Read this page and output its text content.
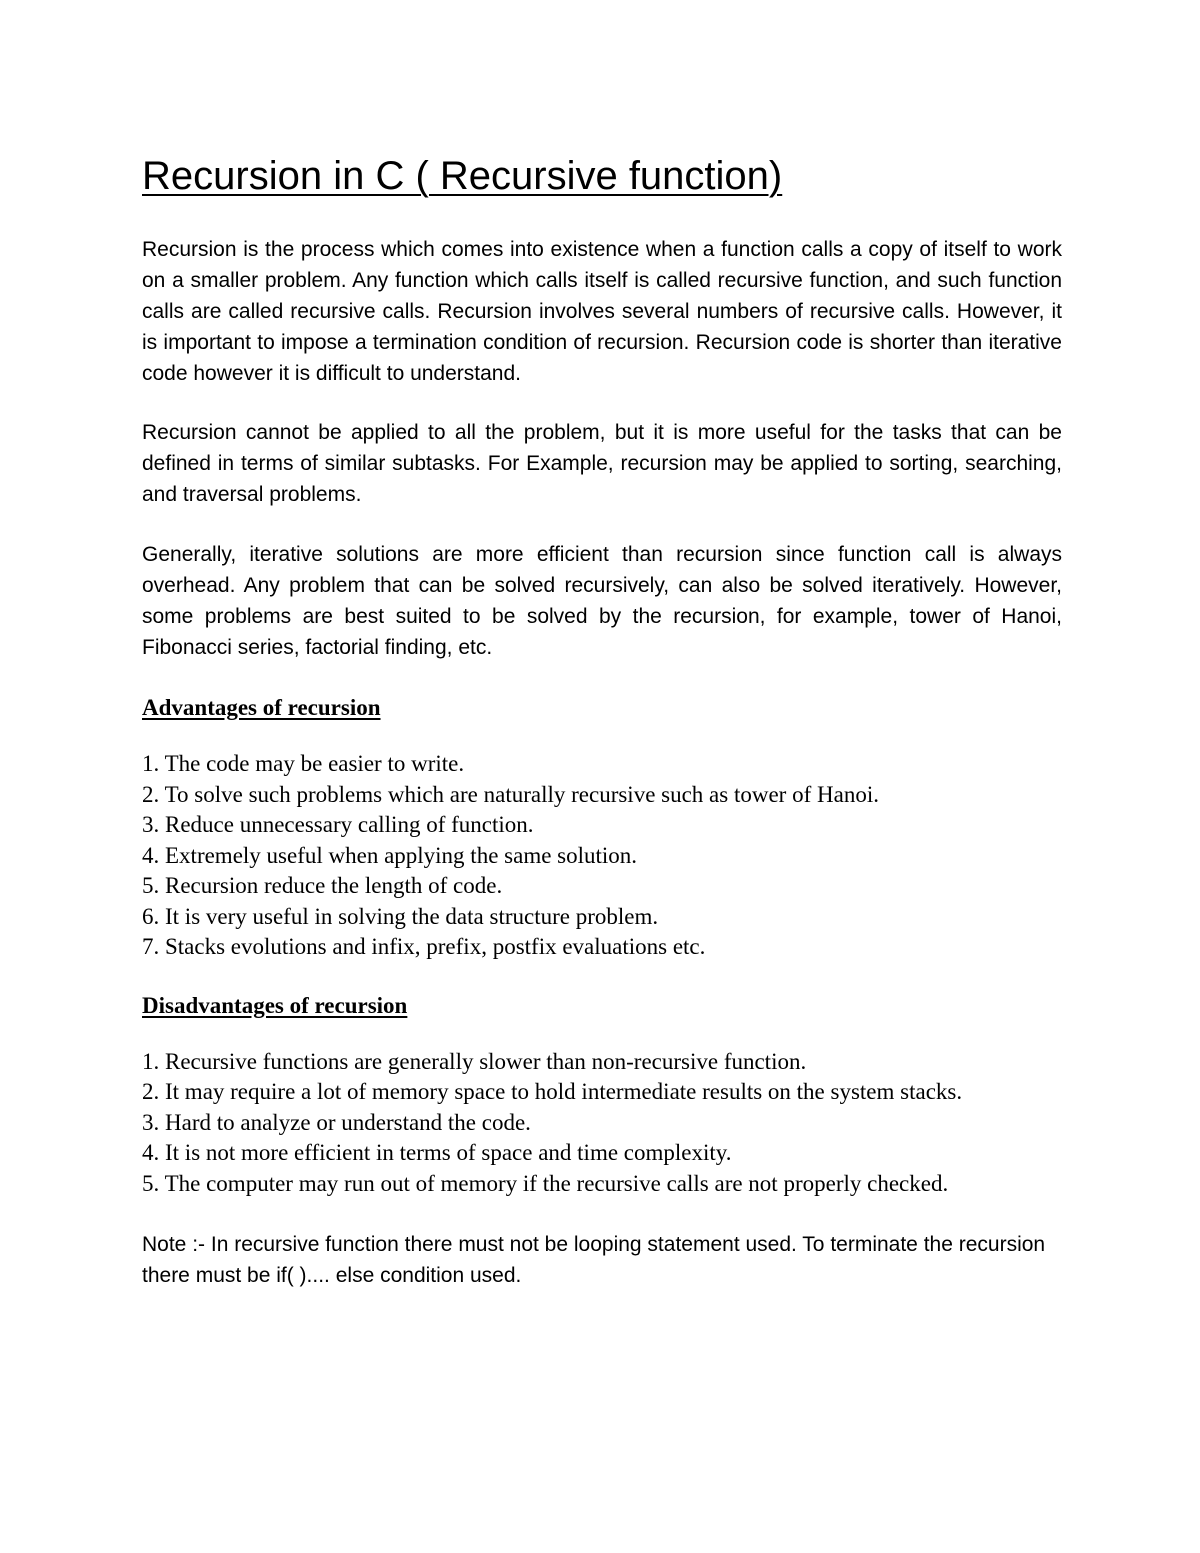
Recursion in C ( Recursive function)

Recursion is the process which comes into existence when a function calls a copy of itself to work on a smaller problem. Any function which calls itself is called recursive function, and such function calls are called recursive calls. Recursion involves several numbers of recursive calls. However, it is important to impose a termination condition of recursion. Recursion code is shorter than iterative code however it is difficult to understand.

Recursion cannot be applied to all the problem, but it is more useful for the tasks that can be defined in terms of similar subtasks. For Example, recursion may be applied to sorting, searching, and traversal problems.

Generally, iterative solutions are more efficient than recursion since function call is always overhead. Any problem that can be solved recursively, can also be solved iteratively. However, some problems are best suited to be solved by the recursion, for example, tower of Hanoi, Fibonacci series, factorial finding, etc.

Advantages of recursion
1. The code may be easier to write.
2. To solve such problems which are naturally recursive such as tower of Hanoi.
3. Reduce unnecessary calling of function.
4. Extremely useful when applying the same solution.
5. Recursion reduce the length of code.
6. It is very useful in solving the data structure problem.
7. Stacks evolutions and infix, prefix, postfix evaluations etc.
Disadvantages of recursion
1. Recursive functions are generally slower than non-recursive function.
2. It may require a lot of memory space to hold intermediate results on the system stacks.
3. Hard to analyze or understand the code.
4. It is not more efficient in terms of space and time complexity.
5. The computer may run out of memory if the recursive calls are not properly checked.

Note :- In recursive function there must not be looping statement used. To terminate the recursion there must be if( ).... else condition used.
